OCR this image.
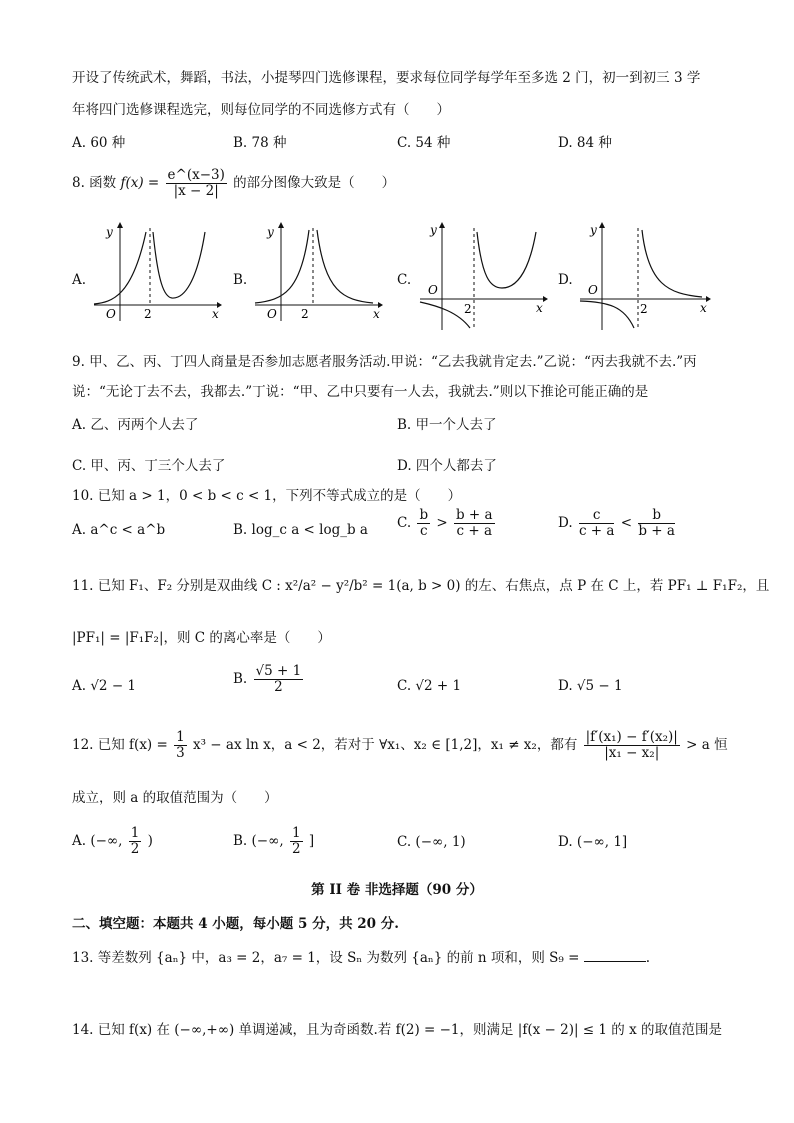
开设了传统武术，舞蹈，书法，小提琴四门选修课程，要求每位同学每学年至多选 2 门，初一到初三 3 学
年将四门选修课程选完，则每位同学的不同选修方式有（　　）
A. 60 种	B. 78 种	C. 54 种	D. 84 种
8. 函数 $f(x) = \frac{e\^{}(x-3)}{|x - 2|}$ 的部分图像大致是（　　）
A.	B.	C.	D.
O 2	x
y
O 2	x
y
O
2	x
y
O
2	x
y
9. 甲、乙、丙、丁四人商量是否参加志愿者服务活动.甲说：“乙去我就肯定去.”乙说：“丙去我就不去.”丙
说：“无论丁去不去，我都去.”丁说：“甲、乙中只要有一人去，我就去.”则以下推论可能正确的是
A. 乙、丙两个人去了	B. 甲一个人去了
C. 甲、丙、丁三个人去了	D. 四个人都去了
10. 已知 a > 1，0 < b < c < 1，下列不等式成立的是（　　）
A. a^c < a^b	B. log_c a < log_b a C. $\frac{b}{c} > \frac{b + a}{c + a}$	D. $\frac{c}{c + a} < \frac{b}{b + a}$
11. 已知 F₁、F₂ 分别是双曲线 C : x²/a² − y²/b² = 1(a, b > 0) 的左、右焦点，点 P 在 C 上，若 PF₁ ⊥ F₁F₂，且
|PF₁| = |F₁F₂|，则 C 的离心率是（　　）
A. √2 − 1	B. $\frac{√5 + 1}{2}$	C. √2 + 1	D. √5 − 1
12. 已知 $f(x) = \frac{1}{3} x^3$ − ax ln x，a < 2，若对于 ∀x₁、x₂ ∈ [1,2]，x₁ ≠ x₂，都有 $\frac{\text{|f′(x₁) − f′(x₂)|}}{\text{|x₁ − x₂|}} > a$ 恒
成立，则 a 的取值范围为（　　）
A. (−∞, $\frac{1}{2}$ )	B. (−∞, $\frac{1}{2}$ ]	C. (−∞, 1)	D. (−∞, 1]
第 II 卷 非选择题（90 分）
二、填空题：本题共 4 小题，每小题 5 分，共 20 分.
13. 等差数列 {aₙ} 中，a₃ = 2，a₇ = 1，设 Sₙ 为数列 {aₙ} 的前 n 项和，则 S₉ =	.
14. 已知 f(x) 在 (−∞,+∞) 单调递减，且为奇函数.若 f(2) = −1，则满足 |f(x − 2)| ≤ 1 的 x 的取值范围是
